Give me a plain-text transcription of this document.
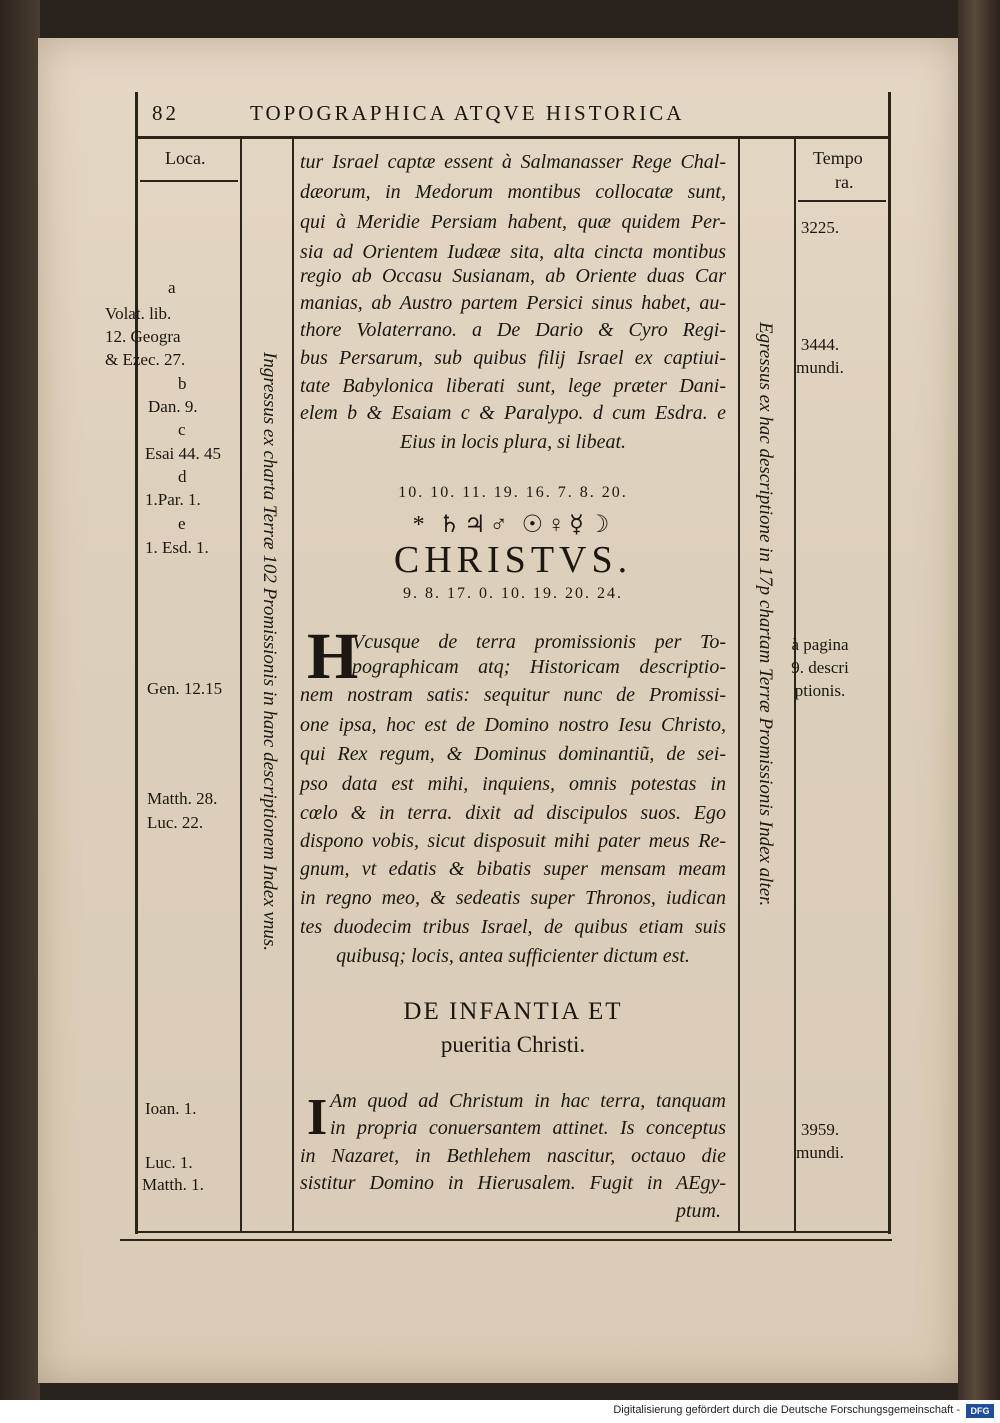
82	TOPOGRAPHICA ATQVE HISTORICA
Loca.	Tempo
ra.
a
Volat. lib.
12. Geogra
& Ezec. 27.
b
Dan. 9.
c
Esai 44. 45
d
1.Par. 1.
e
1. Esd. 1.
Gen. 12.15
Matth. 28.
Luc. 22.
Ioan. 1.
Luc. 1.
Matth. 1.
3225.
3444.
mundi.
à pagina
9. descri
ptionis.
3959.
mundi.
Ingressus ex charta Terræ 102 Promissionis in hanc descriptionem Index vnus.	Egressus ex hac descriptione in 17p chartam Terræ Promissionis Index alter.
tur Israel captæ essent à Salmanasser Rege Chal-
dæorum, in Medorum montibus collocatæ sunt,
qui à Meridie Persiam habent, quæ quidem Per-
sia ad Orientem Iudææ sita, alta cincta montibus
regio ab Occasu Susianam, ab Oriente duas Car
manias, ab Austro partem Persici sinus habet, au-
thore Volaterrano. a De Dario & Cyro Regi-
bus Persarum, sub quibus filij Israel ex captiui-
tate Babylonica liberati sunt, lege præter Dani-
elem b & Esaiam c & Paralypo. d cum Esdra. e
Eius in locis plura, si libeat.
10. 10. 11. 19. 16. 7. 8. 20.
* ♄♃♂ ☉♀☿☽
CHRISTVS.
9. 8. 17. 0. 10. 19. 20. 24.
H
Vcusque de terra promissionis per To-
pographicam atq; Historicam descriptio-
nem nostram satis: sequitur nunc de Promissi-
one ipsa, hoc est de Domino nostro Iesu Christo,
qui Rex regum, & Dominus dominantiũ, de sei-
pso data est mihi, inquiens, omnis potestas in
cœlo & in terra. dixit ad discipulos suos. Ego
dispono vobis, sicut disposuit mihi pater meus Re-
gnum, vt edatis & bibatis super mensam meam
in regno meo, & sedeatis super Thronos, iudican
tes duodecim tribus Israel, de quibus etiam suis
quibusq; locis, antea sufficienter dictum est.
DE INFANTIA ET
pueritia Christi.
I Am quod ad Christum in hac terra, tanquam
in propria conuersantem attinet. Is conceptus
in Nazaret, in Bethlehem nascitur, octauo die
sistitur Domino in Hierusalem. Fugit in AEgy-
ptum.
Digitalisierung gefördert durch die Deutsche Forschungsgemeinschaft -	DFG
